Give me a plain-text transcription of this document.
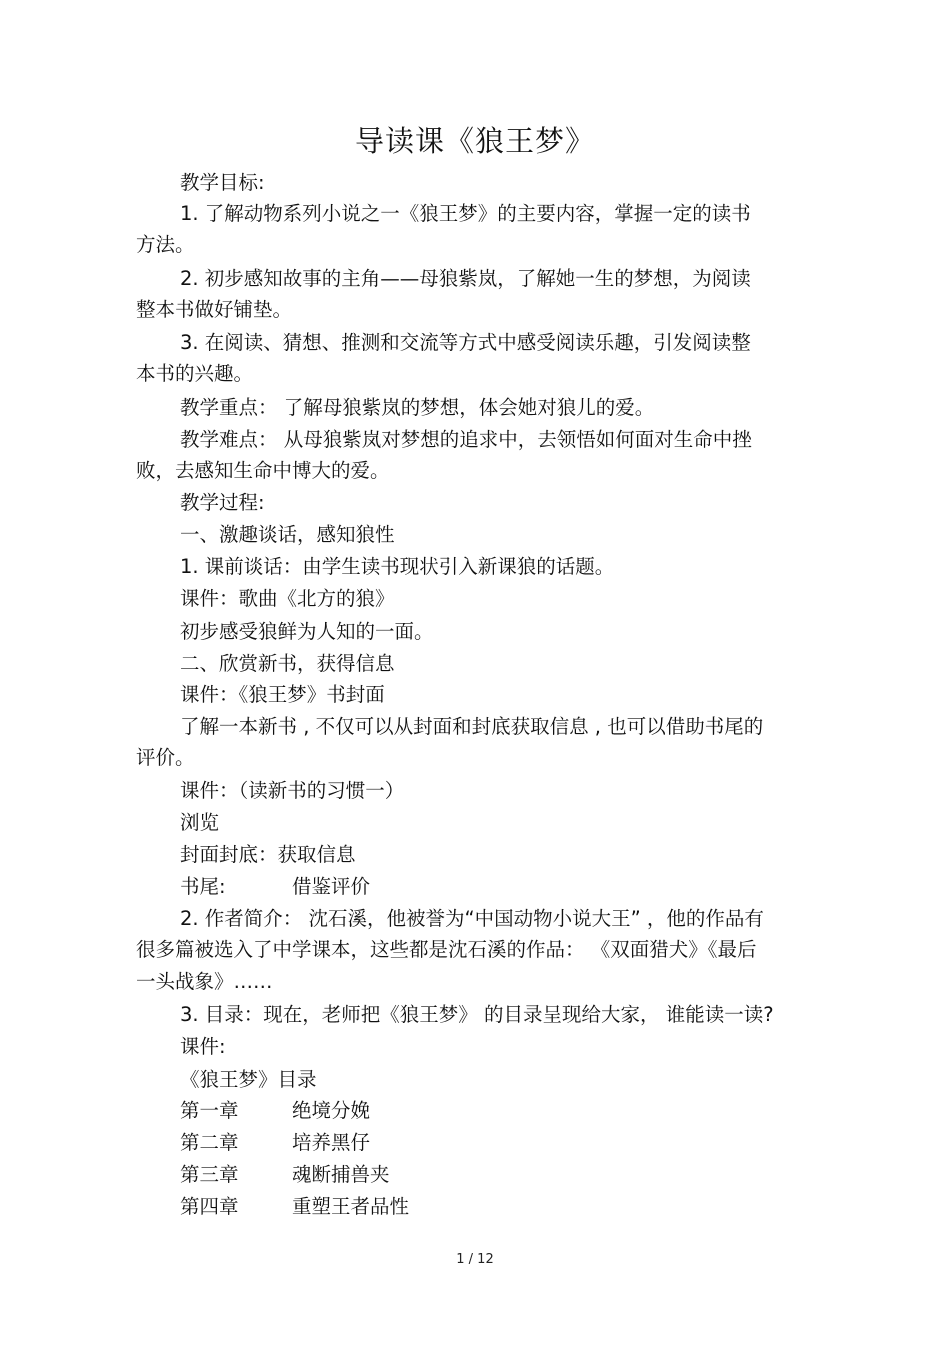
导读课《狼王梦》
教学目标:
1. 了解动物系列小说之一《狼王梦》的主要内容，掌握一定的读书
方法。
2. 初步感知故事的主角——母狼紫岚，了解她一生的梦想，为阅读
整本书做好铺垫。
3. 在阅读、猜想、推测和交流等方式中感受阅读乐趣，引发阅读整
本书的兴趣。
教学重点： 了解母狼紫岚的梦想，体会她对狼儿的爱。
教学难点： 从母狼紫岚对梦想的追求中，去领悟如何面对生命中挫
败，去感知生命中博大的爱。
教学过程:
一、激趣谈话，感知狼性
1. 课前谈话：由学生读书现状引入新课狼的话题。
课件：歌曲《北方的狼》
初步感受狼鲜为人知的一面。
二、欣赏新书，获得信息
课件：《狼王梦》书封面
了解一本新书 , 不仅可以从封面和封底获取信息 , 也可以借助书尾的
评价。
课件：（读新书的习惯一）
浏览
封面封底：获取信息
书尾:	借鉴评价
2. 作者简介： 沈石溪，他被誉为“中国动物小说大王” ，他的作品有
很多篇被选入了中学课本，这些都是沈石溪的作品： 《双面猎犬》《最后
一头战象》……
3. 目录：现在，老师把《狼王梦》 的目录呈现给大家， 谁能读一读?
课件:
《狼王梦》目录
第一章	绝境分娩
第二章	培养黑仔
第三章	魂断捕兽夹
第四章	重塑王者品性
1 / 12
